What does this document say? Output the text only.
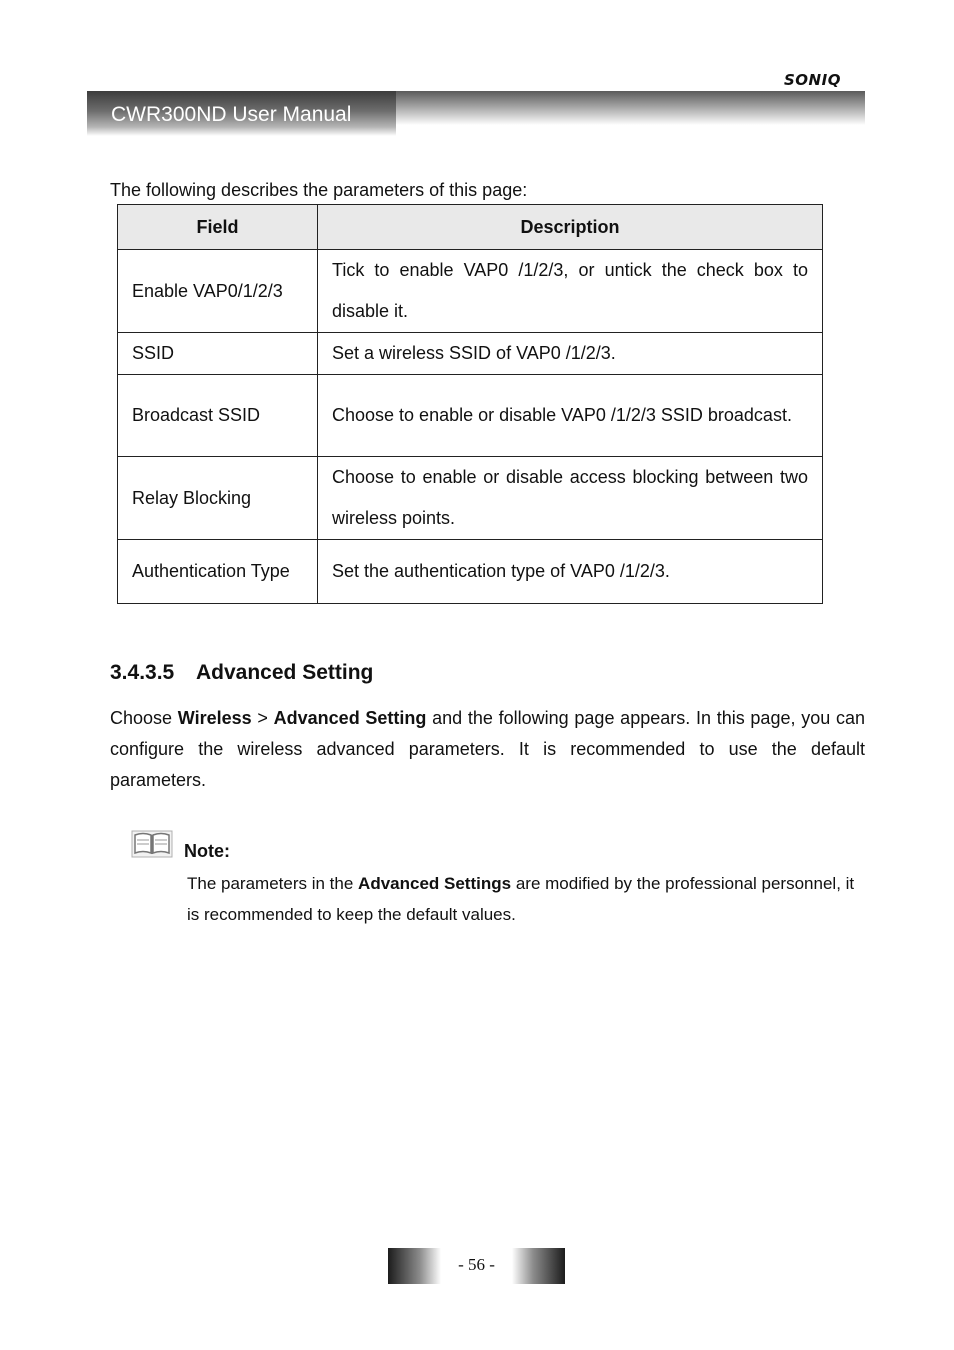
SONIQ
CWR300ND User Manual
The following describes the parameters of this page:
Field	Description
Enable VAP0/1/2/3	Tick to enable VAP0 /1/2/3, or untick the check box to disable it.
SSID	Set a wireless SSID of VAP0 /1/2/3.
Broadcast SSID	Choose to enable or disable VAP0 /1/2/3 SSID broadcast.
Relay Blocking	Choose to enable or disable access blocking between two wireless points.
Authentication Type	Set the authentication type of VAP0 /1/2/3.
3.4.3.5 Advanced Setting
Choose Wireless > Advanced Setting and the following page appears. In this page, you can configure the wireless advanced parameters. It is recommended to use the default parameters.
Note:
The parameters in the Advanced Settings are modified by the professional personnel, it is recommended to keep the default values.
- 56 -
